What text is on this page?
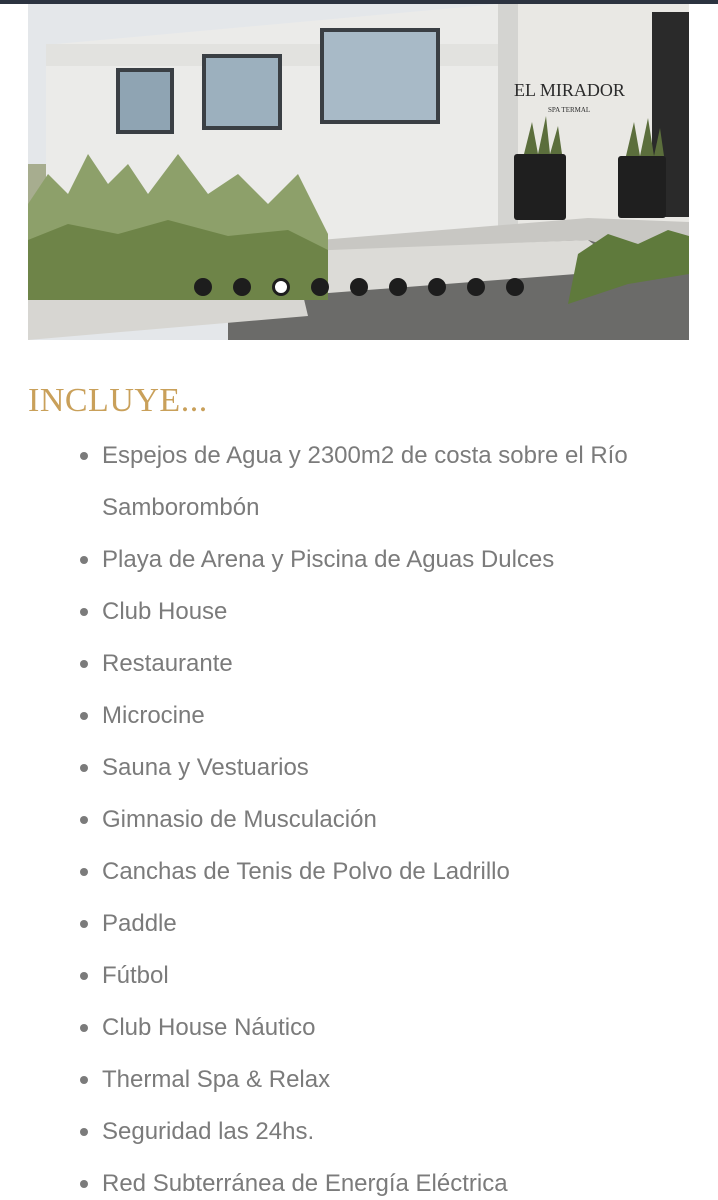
EL MIRADOR
SPA TERMAL
INCLUYE...
Espejos de Agua y 2300m2 de costa sobre el Río Samborombón
Playa de Arena y Piscina de Aguas Dulces
Club House
Restaurante
Microcine
Sauna y Vestuarios
Gimnasio de Musculación
Canchas de Tenis de Polvo de Ladrillo
Paddle
Fútbol
Club House Náutico
Thermal Spa & Relax
Seguridad las 24hs.
Red Subterránea de Energía Eléctrica
